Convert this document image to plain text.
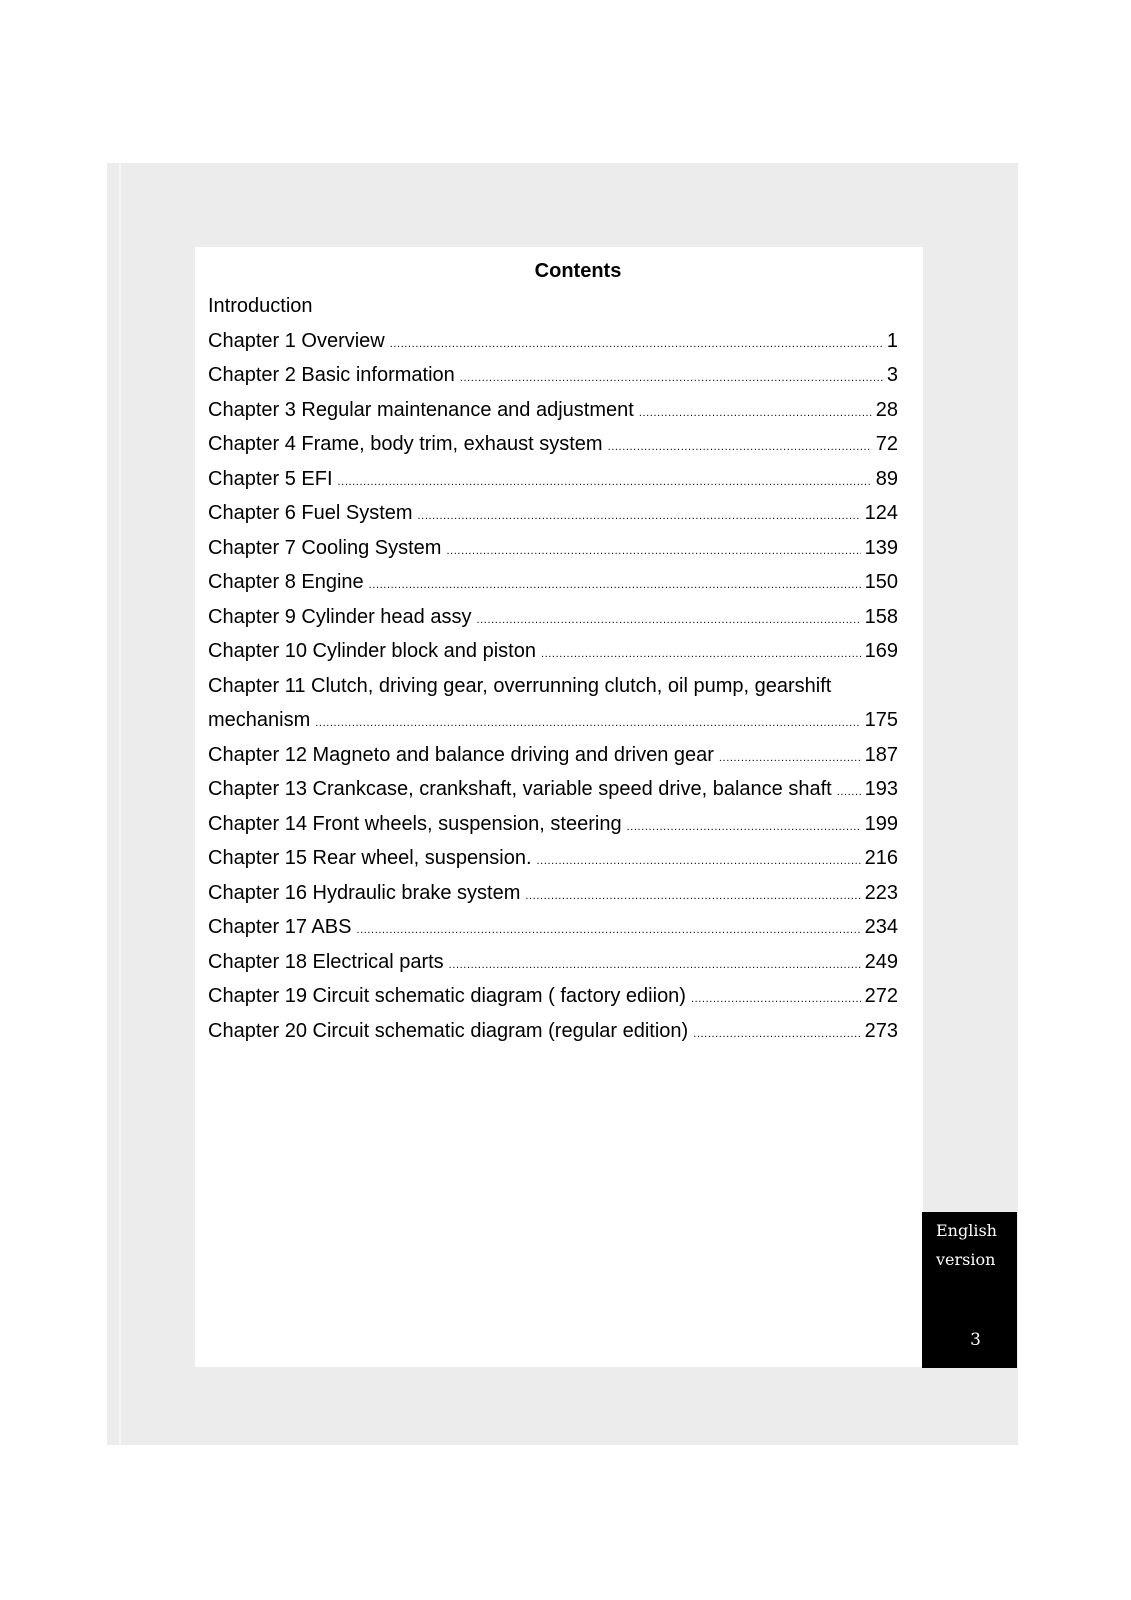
Contents
Introduction
Chapter 1 Overview .....	1
Chapter 2 Basic information .....	3
Chapter 3 Regular maintenance and adjustment .....	28
Chapter 4 Frame, body trim, exhaust system .....	72
Chapter 5 EFI .....	89
Chapter 6 Fuel System .....	124
Chapter 7 Cooling System .....	139
Chapter 8 Engine .....	150
Chapter 9 Cylinder head assy .....	158
Chapter 10 Cylinder block and piston .....	169
Chapter 11 Clutch, driving gear, overrunning clutch, oil pump, gearshift
mechanism .....	175
Chapter 12 Magneto and balance driving and driven gear .....	187
Chapter 13 Crankcase, crankshaft, variable speed drive, balance shaft ..... 193
Chapter 14 Front wheels, suspension, steering .....	199
Chapter 15 Rear wheel, suspension. .....	216
Chapter 16 Hydraulic brake system .....	223
Chapter 17 ABS .....	234
Chapter 18 Electrical parts .....	249
Chapter 19 Circuit schematic diagram ( factory ediion) .....	272
Chapter 20 Circuit schematic diagram (regular edition) .....	273
English
version
3
